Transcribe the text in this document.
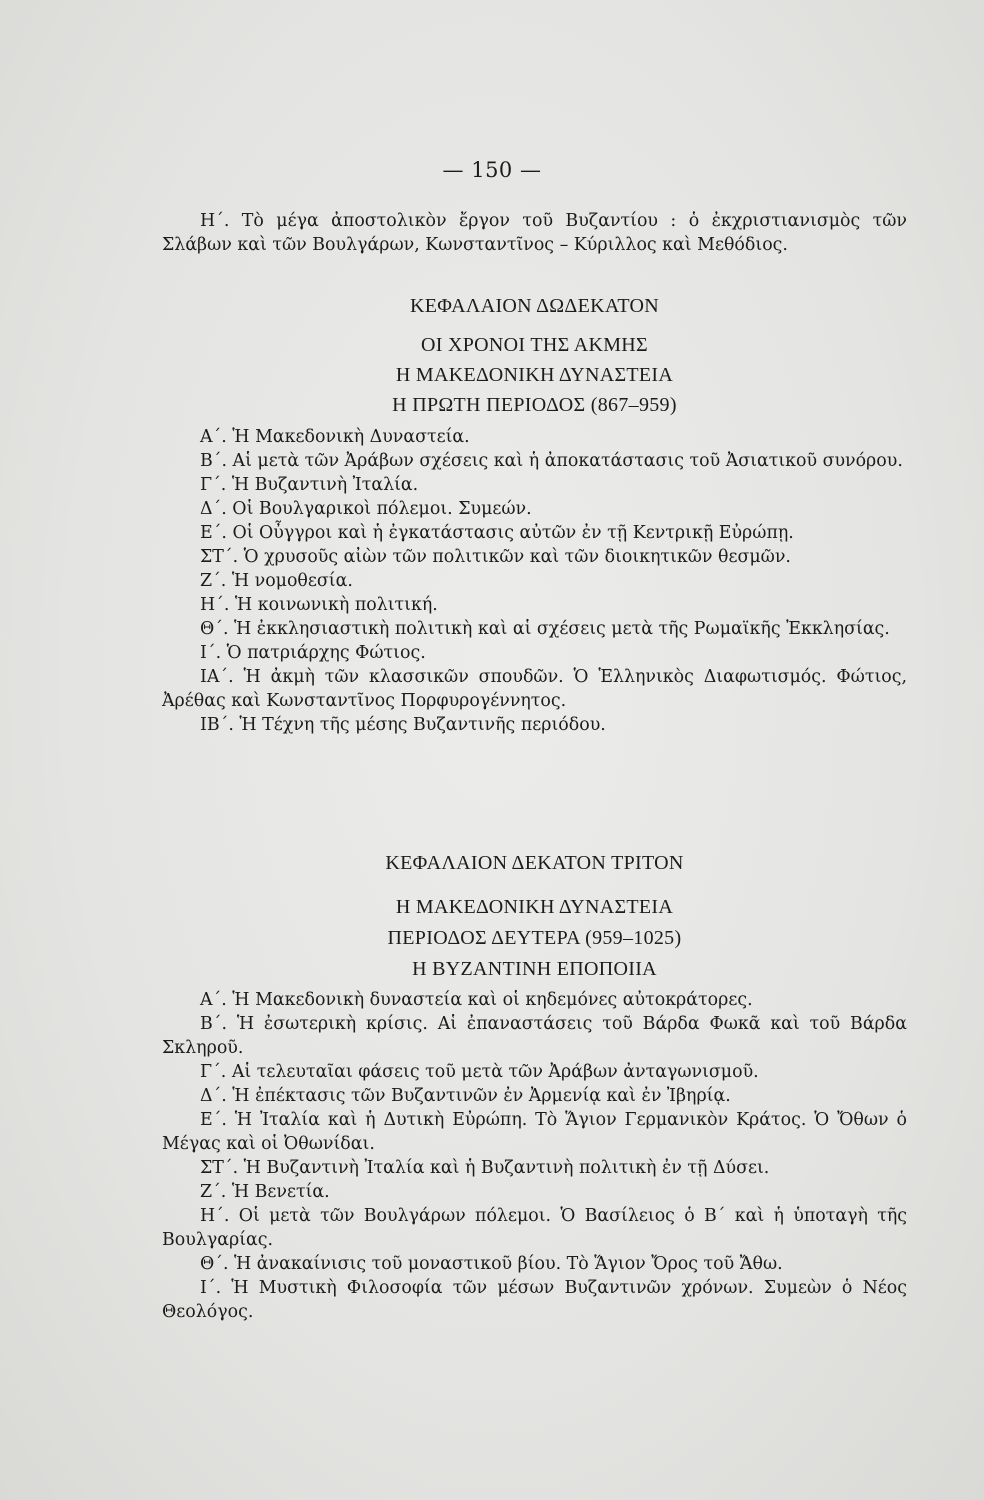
— 150 —

Η΄. Τὸ μέγα ἀποστολικὸν ἔργον τοῦ Βυζαντίου : ὁ ἐκχριστιανισμὸς τῶν Σλάβων καὶ τῶν Βουλγάρων, Κωνσταντῖνος – Κύριλλος καὶ Μεθόδιος.

ΚΕΦΑΛΑΙΟΝ ΔΩΔΕΚΑΤΟΝ

ΟΙ ΧΡΟΝΟΙ ΤΗΣ ΑΚΜΗΣ

Η ΜΑΚΕΔΟΝΙΚΗ ΔΥΝΑΣΤΕΙΑ

Η ΠΡΩΤΗ ΠΕΡΙΟΔΟΣ (867–959)

Α΄. Ἡ Μακεδονικὴ Δυναστεία.

Β΄. Αἱ μετὰ τῶν Ἀράβων σχέσεις καὶ ἡ ἀποκατάστασις τοῦ Ἀσιατικοῦ συνόρου.

Γ΄. Ἡ Βυζαντινὴ Ἰταλία.

Δ΄. Οἱ Βουλγαρικοὶ πόλεμοι. Συμεών.

Ε΄. Οἱ Οὖγγροι καὶ ἡ ἐγκατάστασις αὐτῶν ἐν τῇ Κεντρικῇ Εὐρώπῃ.

ΣΤ΄. Ὁ χρυσοῦς αἰὼν τῶν πολιτικῶν καὶ τῶν διοικητικῶν θεσμῶν.

Ζ΄. Ἡ νομοθεσία.

Η΄. Ἡ κοινωνικὴ πολιτική.

Θ΄. Ἡ ἐκκλησιαστικὴ πολιτικὴ καὶ αἱ σχέσεις μετὰ τῆς Ρωμαϊκῆς Ἐκκλησίας.

Ι΄. Ὁ πατριάρχης Φώτιος.

ΙΑ΄. Ἡ ἀκμὴ τῶν κλασσικῶν σπουδῶν. Ὁ Ἑλληνικὸς Διαφωτισμός. Φώτιος, Ἀρέθας καὶ Κωνσταντῖνος Πορφυρογέννητος.

ΙΒ΄. Ἡ Τέχνη τῆς μέσης Βυζαντινῆς περιόδου.

ΚΕΦΑΛΑΙΟΝ ΔΕΚΑΤΟΝ ΤΡΙΤΟΝ

Η ΜΑΚΕΔΟΝΙΚΗ ΔΥΝΑΣΤΕΙΑ

ΠΕΡΙΟΔΟΣ ΔΕΥΤΕΡΑ (959–1025)

Η ΒΥΖΑΝΤΙΝΗ ΕΠΟΠΟΙΙΑ

Α΄. Ἡ Μακεδονικὴ δυναστεία καὶ οἱ κηδεμόνες αὐτοκράτορες.

Β΄. Ἡ ἐσωτερικὴ κρίσις. Αἱ ἐπαναστάσεις τοῦ Βάρδα Φωκᾶ καὶ τοῦ Βάρδα Σκληροῦ.

Γ΄. Αἱ τελευταῖαι φάσεις τοῦ μετὰ τῶν Ἀράβων ἀνταγωνισμοῦ.

Δ΄. Ἡ ἐπέκτασις τῶν Βυζαντινῶν ἐν Ἀρμενίᾳ καὶ ἐν Ἰβηρίᾳ.

Ε΄. Ἡ Ἰταλία καὶ ἡ Δυτικὴ Εὐρώπη. Τὸ Ἅγιον Γερμανικὸν Κράτος. Ὁ Ὄθων ὁ Μέγας καὶ οἱ Ὀθωνίδαι.

ΣΤ΄. Ἡ Βυζαντινὴ Ἰταλία καὶ ἡ Βυζαντινὴ πολιτικὴ ἐν τῇ Δύσει.

Ζ΄. Ἡ Βενετία.

Η΄. Οἱ μετὰ τῶν Βουλγάρων πόλεμοι. Ὁ Βασίλειος ὁ Β΄ καὶ ἡ ὑποταγὴ τῆς Βουλγαρίας.

Θ΄. Ἡ ἀνακαίνισις τοῦ μοναστικοῦ βίου. Τὸ Ἅγιον Ὄρος τοῦ Ἄθω.

Ι΄. Ἡ Μυστικὴ Φιλοσοφία τῶν μέσων Βυζαντινῶν χρόνων. Συμεὼν ὁ Νέος Θεολόγος.
